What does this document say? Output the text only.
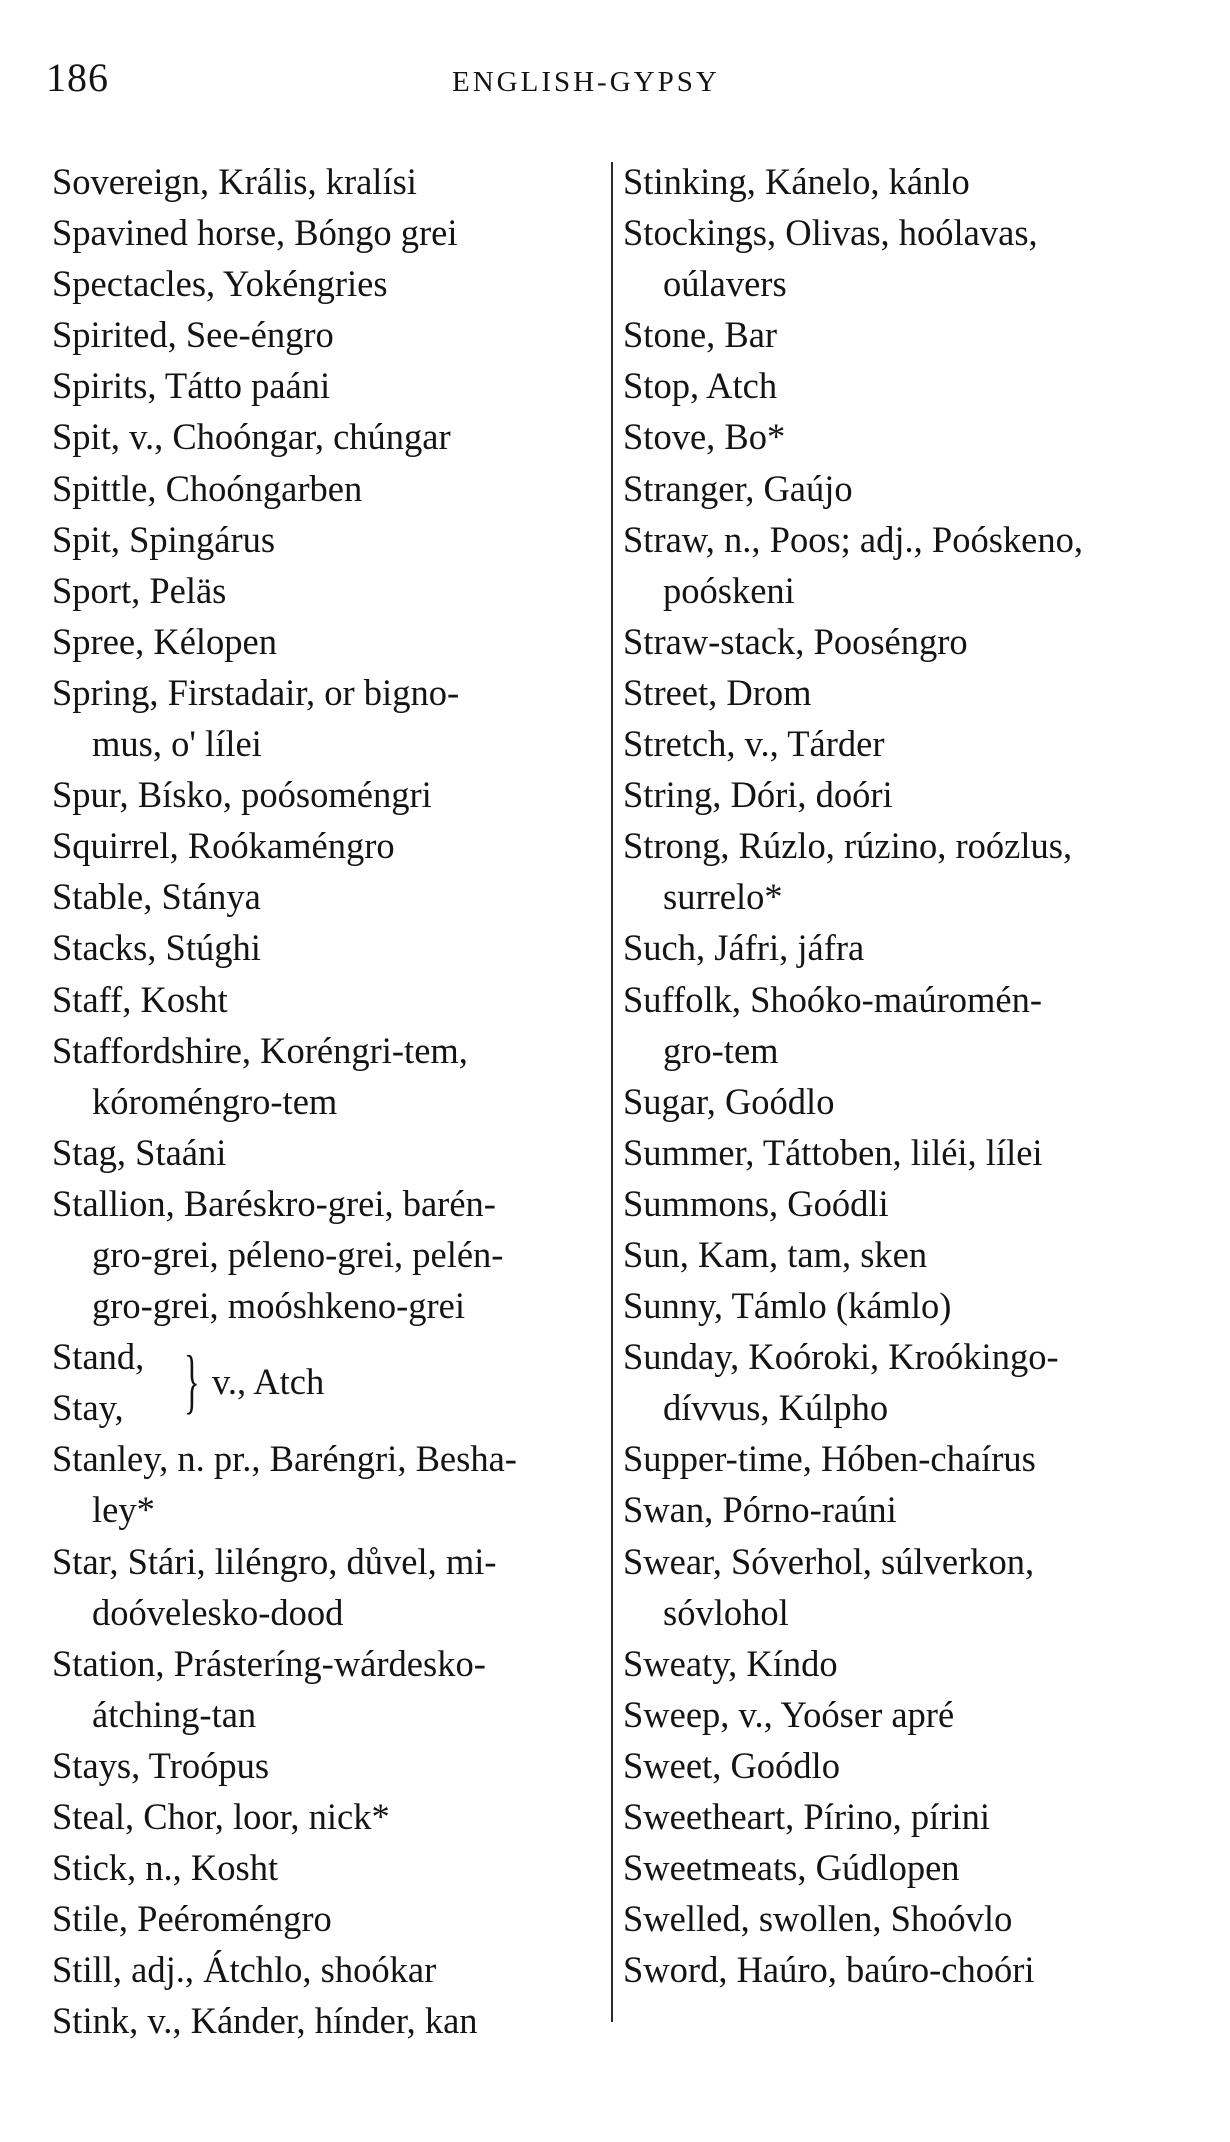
186	ENGLISH-GYPSY
Sovereign, Krális, kralísi
Spavined horse, Bóngo grei
Spectacles, Yokéngries
Spirited, See-éngro
Spirits, Tátto paáni
Spit, v., Choóngar, chúngar
Spittle, Choóngarben
Spit, Spingárus
Sport, Peläs
Spree, Kélopen
Spring, Firstadair, or bigno-
mus, o' lílei
Spur, Bísko, poósoméngri
Squirrel, Roókaméngro
Stable, Stánya
Stacks, Stúghi
Staff, Kosht
Staffordshire, Koréngri-tem,
kóroméngro-tem
Stag, Staáni
Stallion, Baréskro-grei, barén-
gro-grei, péleno-grei, pelén-
gro-grei, moóshkeno-grei
Stand,
Stay, } v., Atch
Stanley, n. pr., Baréngri, Besha-
ley*
Star, Stári, liléngro, důvel, mi-
doóvelesko-dood
Station, Prásteríng-wárdesko-
átching-tan
Stays, Troópus
Steal, Chor, loor, nick*
Stick, n., Kosht
Stile, Peéroméngro
Still, adj., Átchlo, shoókar
Stink, v., Kánder, hínder, kan
Stinking, Kánelo, kánlo
Stockings, Olivas, hoólavas,
oúlavers
Stone, Bar
Stop, Atch
Stove, Bo*
Stranger, Gaújo
Straw, n., Poos; adj., Poóskeno,
poóskeni
Straw-stack, Pooséngro
Street, Drom
Stretch, v., Tárder
String, Dóri, doóri
Strong, Rúzlo, rúzino, roózlus,
surrelo*
Such, Jáfri, jáfra
Suffolk, Shoóko-maúromén-
gro-tem
Sugar, Goódlo
Summer, Táttoben, liléi, lílei
Summons, Goódli
Sun, Kam, tam, sken
Sunny, Támlo (kámlo)
Sunday, Koóroki, Kroókingo-
dívvus, Kúlpho
Supper-time, Hóben-chaírus
Swan, Pórno-raúni
Swear, Sóverhol, súlverkon,
sóvlohol
Sweaty, Kíndo
Sweep, v., Yoóser apré
Sweet, Goódlo
Sweetheart, Pírino, pírini
Sweetmeats, Gúdlopen
Swelled, swollen, Shoóvlo
Sword, Haúro, baúro-choóri
